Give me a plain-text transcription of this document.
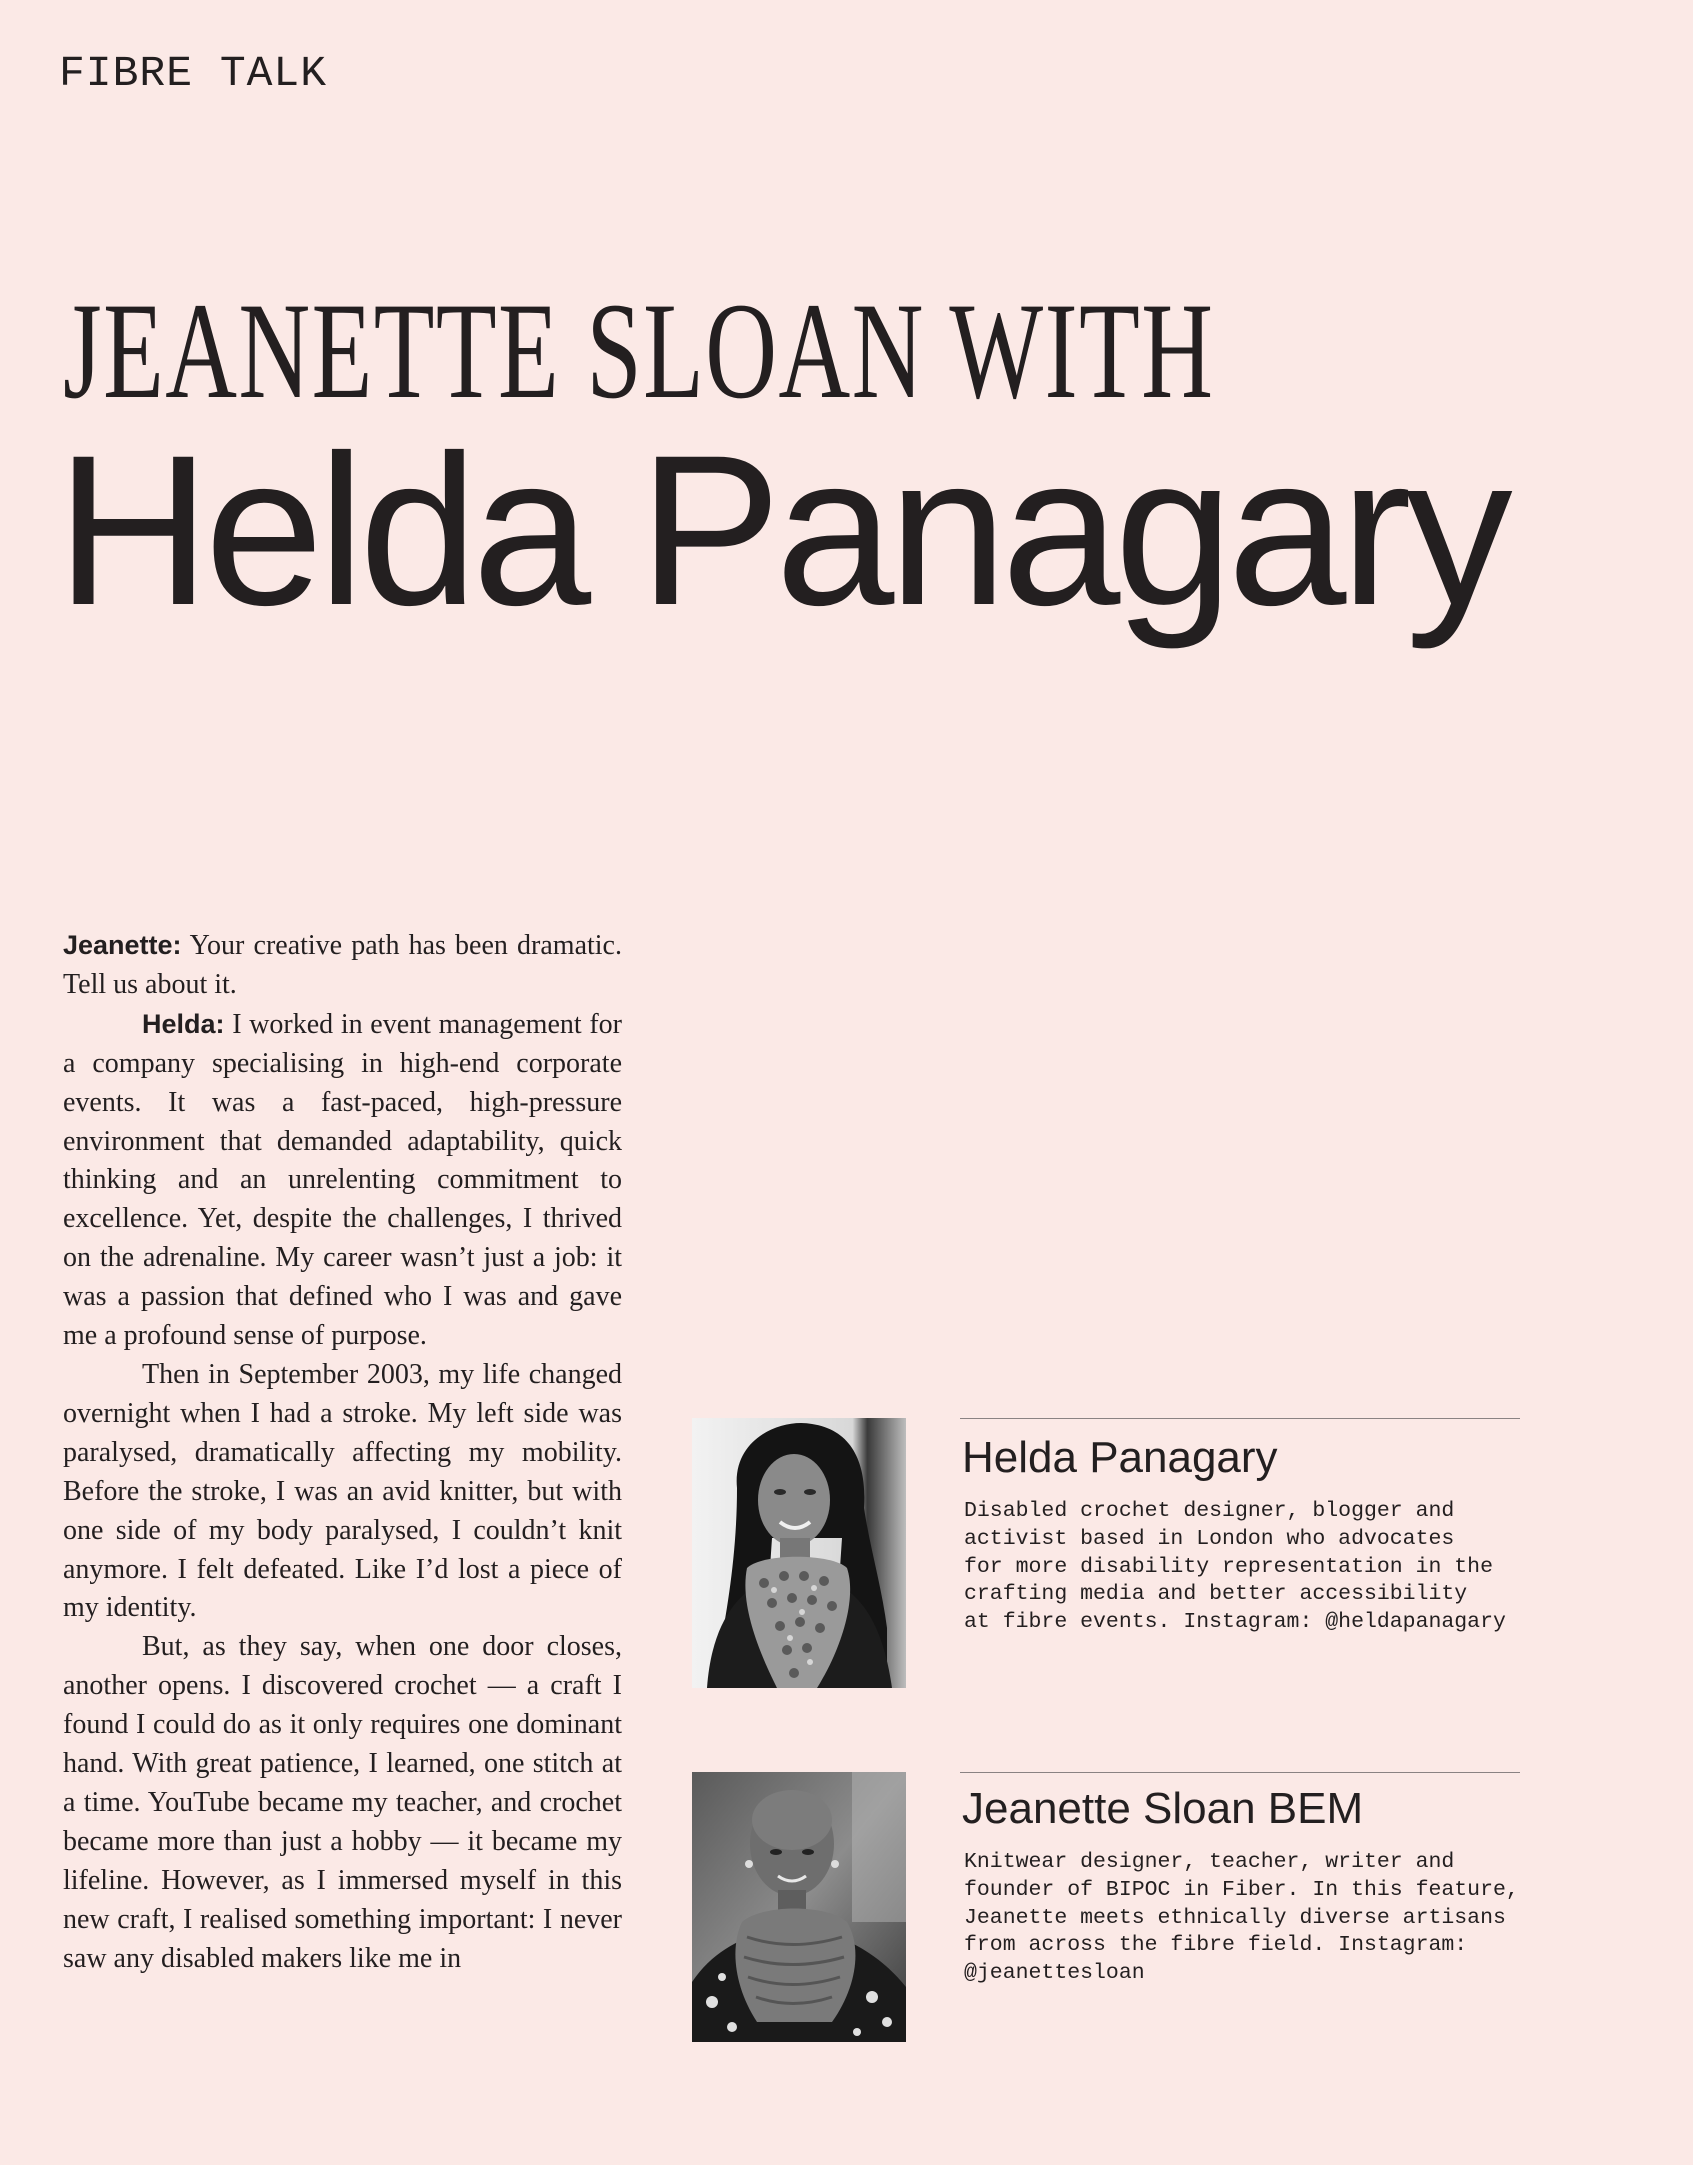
FIBRE TALK
JEANETTE SLOAN WITH
Helda Panagary

Jeanette: Your creative path has been dramatic. Tell us about it.

Helda: I worked in event management for a company specialising in high-end corporate events. It was a fast-paced, high-pressure environment that demanded adaptability, quick thinking and an unrelenting commitment to excellence. Yet, despite the challenges, I thrived on the adrenaline. My career wasn’t just a job: it was a passion that defined who I was and gave me a profound sense of purpose.

Then in September 2003, my life changed overnight when I had a stroke. My left side was paralysed, dramatically affecting my mobility. Before the stroke, I was an avid knitter, but with one side of my body paralysed, I couldn’t knit anymore. I felt defeated. Like I’d lost a piece of my identity.

But, as they say, when one door closes, another opens. I discovered crochet — a craft I found I could do as it only requires one dominant hand. With great patience, I learned, one stitch at a time. YouTube became my teacher, and crochet became more than just a hobby — it became my lifeline. However, as I immersed myself in this new craft, I realised something important: I never saw any disabled makers like me in

Helda Panagary
Disabled crochet designer, blogger and
activist based in London who advocates
for more disability representation in the
crafting media and better accessibility
at fibre events. Instagram: @heldapanagary
Jeanette Sloan BEM
Knitwear designer, teacher, writer and
founder of BIPOC in Fiber. In this feature,
Jeanette meets ethnically diverse artisans
from across the fibre field. Instagram:
@jeanettesloan
